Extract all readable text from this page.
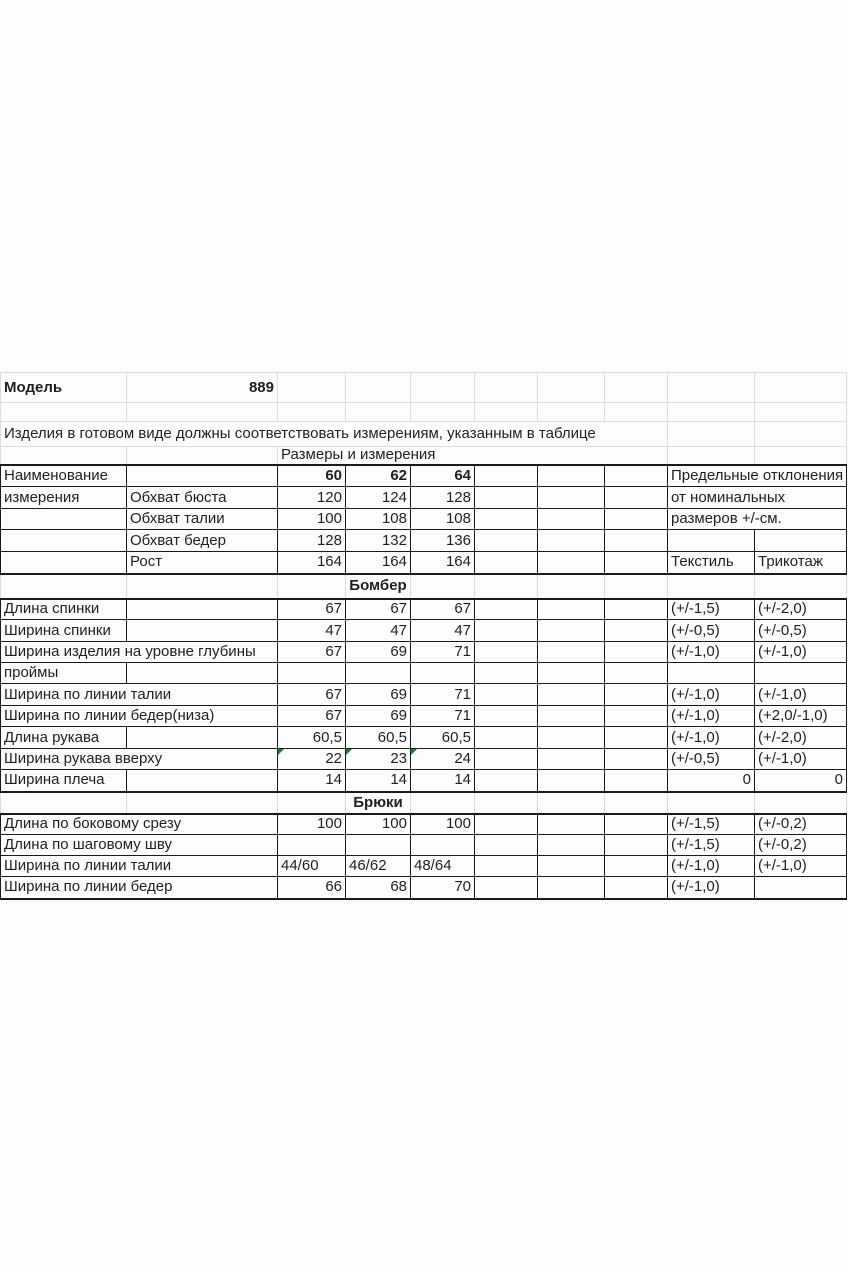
Модель	889								

Изделия в готовом виде должны соответствовать измерениям, указанным в таблице									
		Размеры и измерения							
Наименование		60	62	64				Предельные отклонения	
измерения	Обхват бюста	120	124	128				от номинальных	
	Обхват талии	100	108	108				размеров +/-см.	
	Обхват бедер	128	132	136					
	Рост	164	164	164				Текстиль	Трикотаж
			Бомбер						
Длина спинки		67	67	67				(+/-1,5)	(+/-2,0)
Ширина спинки		47	47	47				(+/-0,5)	(+/-0,5)
Ширина изделия на уровне глубины		67	69	71				(+/-1,0)	(+/-1,0)
проймы									
Ширина по линии талии		67	69	71				(+/-1,0)	(+/-1,0)
Ширина по линии бедер(низа)		67	69	71				(+/-1,0)	(+2,0/-1,0)
Длина рукава		60,5	60,5	60,5				(+/-1,0)	(+/-2,0)
Ширина рукава вверху		22	23	24				(+/-0,5)	(+/-1,0)
Ширина плеча		14	14	14				0	0
			Брюки						
Длина по боковому срезу		100	100	100				(+/-1,5)	(+/-0,2)
Длина по шаговому шву								(+/-1,5)	(+/-0,2)
Ширина по линии талии		44/60	46/62	48/64				(+/-1,0)	(+/-1,0)
Ширина по линии бедер		66	68	70				(+/-1,0)	
